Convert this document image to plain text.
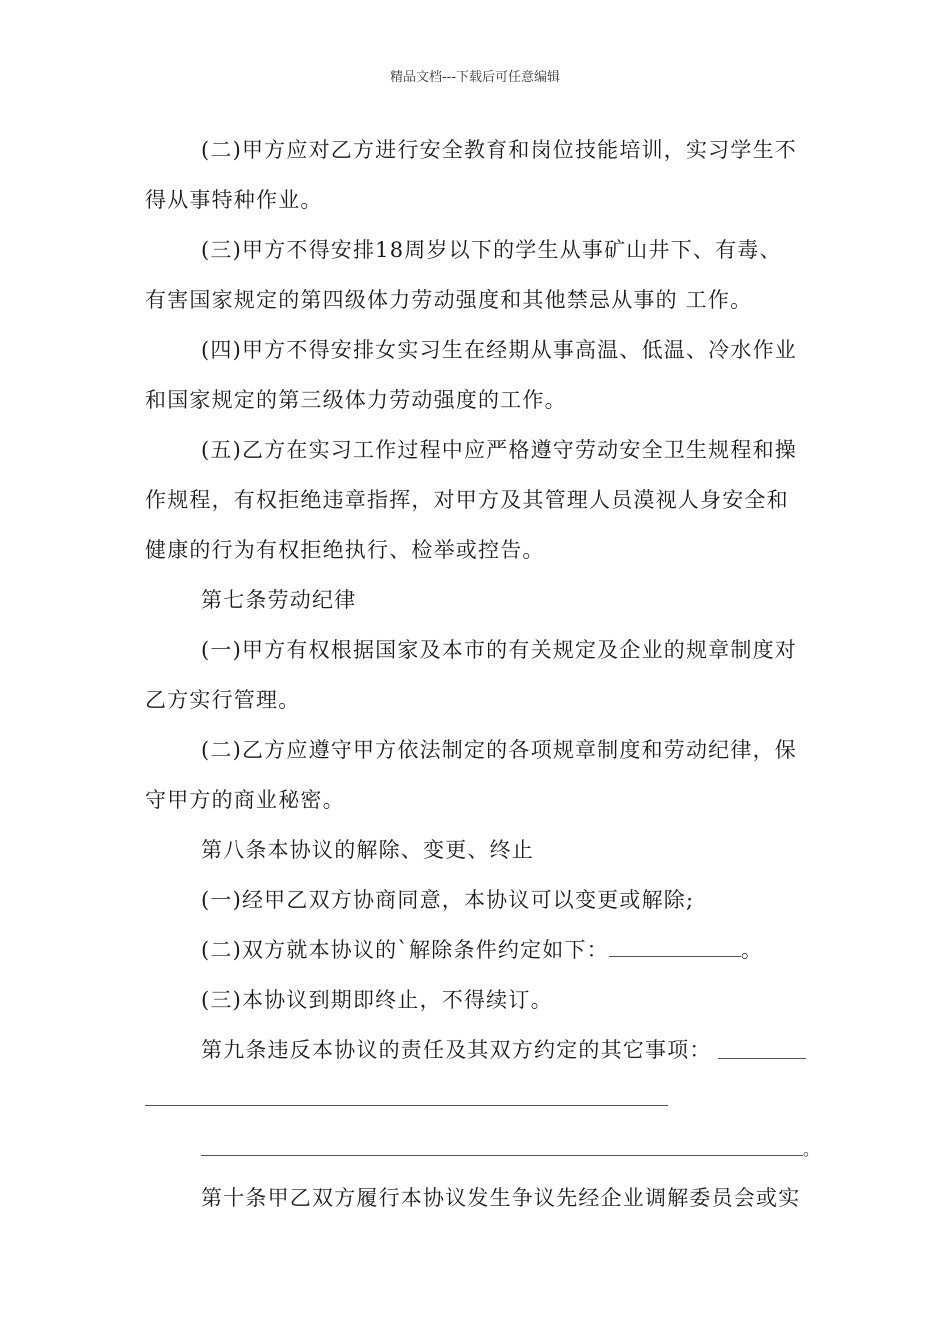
精品文档---下载后可任意编辑
(二)甲方应对乙方进行安全教育和岗位技能培训，实习学生不
得从事特种作业。
(三)甲方不得安排18周岁以下的学生从事矿山井下、有毒、
有害国家规定的第四级体力劳动强度和其他禁忌从事的 工作。
(四)甲方不得安排女实习生在经期从事高温、低温、冷水作业
和国家规定的第三级体力劳动强度的工作。
(五)乙方在实习工作过程中应严格遵守劳动安全卫生规程和操
作规程，有权拒绝违章指挥，对甲方及其管理人员漠视人身安全和
健康的行为有权拒绝执行、检举或控告。
第七条劳动纪律
(一)甲方有权根据国家及本市的有关规定及企业的规章制度对
乙方实行管理。
(二)乙方应遵守甲方依法制定的各项规章制度和劳动纪律，保
守甲方的商业秘密。
第八条本协议的解除、变更、终止
(一)经甲乙双方协商同意，本协议可以变更或解除;
(二)双方就本协议的`解除条件约定如下：	。
(三)本协议到期即终止，不得续订。
第九条违反本协议的责任及其双方约定的其它事项：
。
第十条甲乙双方履行本协议发生争议先经企业调解委员会或实
